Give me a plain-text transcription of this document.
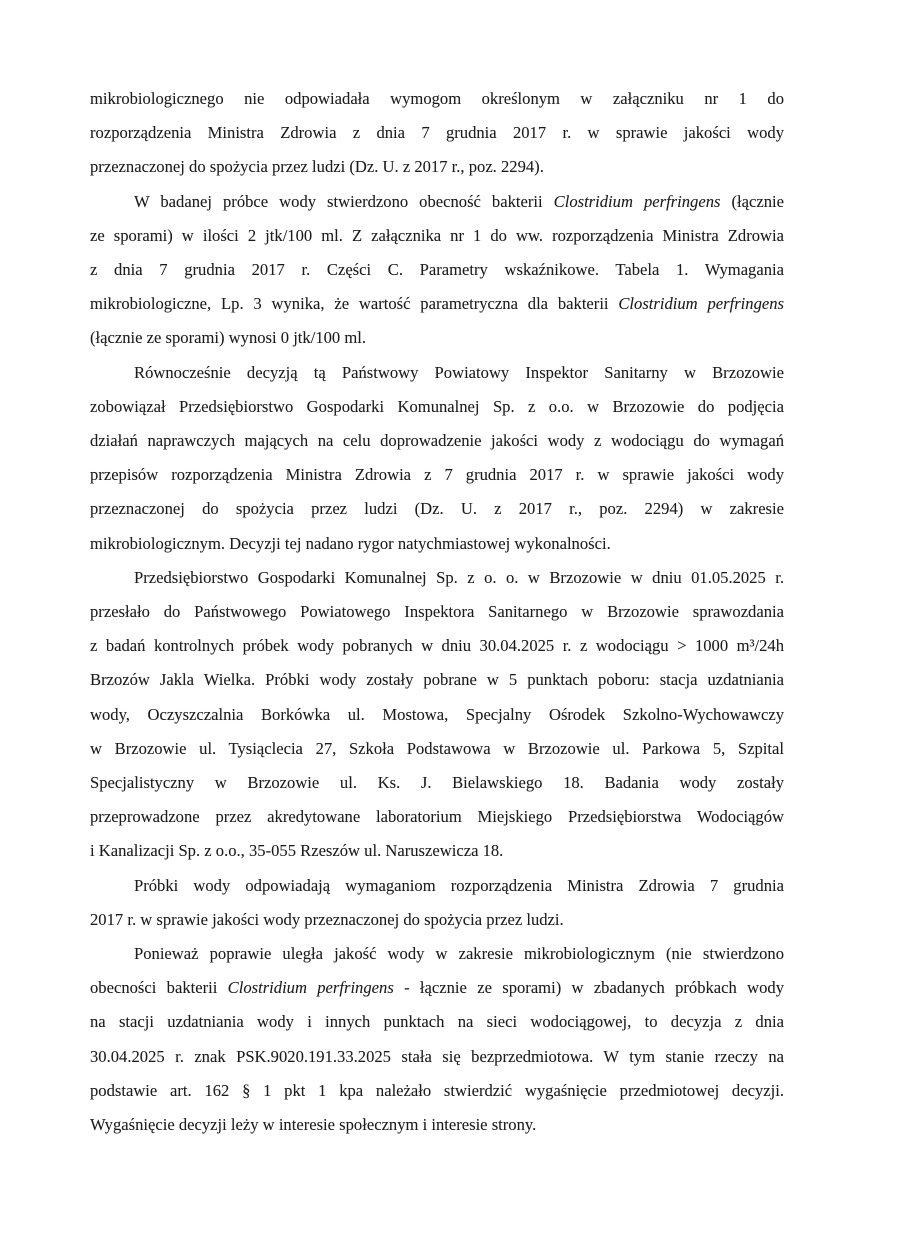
mikrobiologicznego nie odpowiadała wymogom określonym w załączniku nr 1 do
rozporządzenia Ministra Zdrowia z dnia 7 grudnia 2017 r. w sprawie jakości wody
przeznaczonej do spożycia przez ludzi (Dz. U. z 2017 r., poz. 2294).
W badanej próbce wody stwierdzono obecność bakterii Clostridium perfringens (łącznie
ze sporami) w ilości 2 jtk/100 ml. Z załącznika nr 1 do ww. rozporządzenia Ministra Zdrowia
z dnia 7 grudnia 2017 r. Części C. Parametry wskaźnikowe. Tabela 1. Wymagania
mikrobiologiczne, Lp. 3 wynika, że wartość parametryczna dla bakterii Clostridium perfringens
(łącznie ze sporami) wynosi 0 jtk/100 ml.
Równocześnie decyzją tą Państwowy Powiatowy Inspektor Sanitarny w Brzozowie
zobowiązał Przedsiębiorstwo Gospodarki Komunalnej Sp. z o.o. w Brzozowie do podjęcia
działań naprawczych mających na celu doprowadzenie jakości wody z wodociągu do wymagań
przepisów rozporządzenia Ministra Zdrowia z 7 grudnia 2017 r. w sprawie jakości wody
przeznaczonej do spożycia przez ludzi (Dz. U. z 2017 r., poz. 2294) w zakresie
mikrobiologicznym. Decyzji tej nadano rygor natychmiastowej wykonalności.
Przedsiębiorstwo Gospodarki Komunalnej Sp. z o. o. w Brzozowie w dniu 01.05.2025 r.
przesłało do Państwowego Powiatowego Inspektora Sanitarnego w Brzozowie sprawozdania
z badań kontrolnych próbek wody pobranych w dniu 30.04.2025 r. z wodociągu > 1000 m³/24h
Brzozów Jakla Wielka. Próbki wody zostały pobrane w 5 punktach poboru: stacja uzdatniania
wody, Oczyszczalnia Borkówka ul. Mostowa, Specjalny Ośrodek Szkolno-Wychowawczy
w Brzozowie ul. Tysiąclecia 27, Szkoła Podstawowa w Brzozowie ul. Parkowa 5, Szpital
Specjalistyczny w Brzozowie ul. Ks. J. Bielawskiego 18. Badania wody zostały
przeprowadzone przez akredytowane laboratorium Miejskiego Przedsiębiorstwa Wodociągów
i Kanalizacji Sp. z o.o., 35-055 Rzeszów ul. Naruszewicza 18.
Próbki wody odpowiadają wymaganiom rozporządzenia Ministra Zdrowia 7 grudnia
2017 r. w sprawie jakości wody przeznaczonej do spożycia przez ludzi.
Ponieważ poprawie uległa jakość wody w zakresie mikrobiologicznym (nie stwierdzono
obecności bakterii Clostridium perfringens - łącznie ze sporami) w zbadanych próbkach wody
na stacji uzdatniania wody i innych punktach na sieci wodociągowej, to decyzja z dnia
30.04.2025 r. znak PSK.9020.191.33.2025 stała się bezprzedmiotowa. W tym stanie rzeczy na
podstawie art. 162 § 1 pkt 1 kpa należało stwierdzić wygaśnięcie przedmiotowej decyzji.
Wygaśnięcie decyzji leży w interesie społecznym i interesie strony.
